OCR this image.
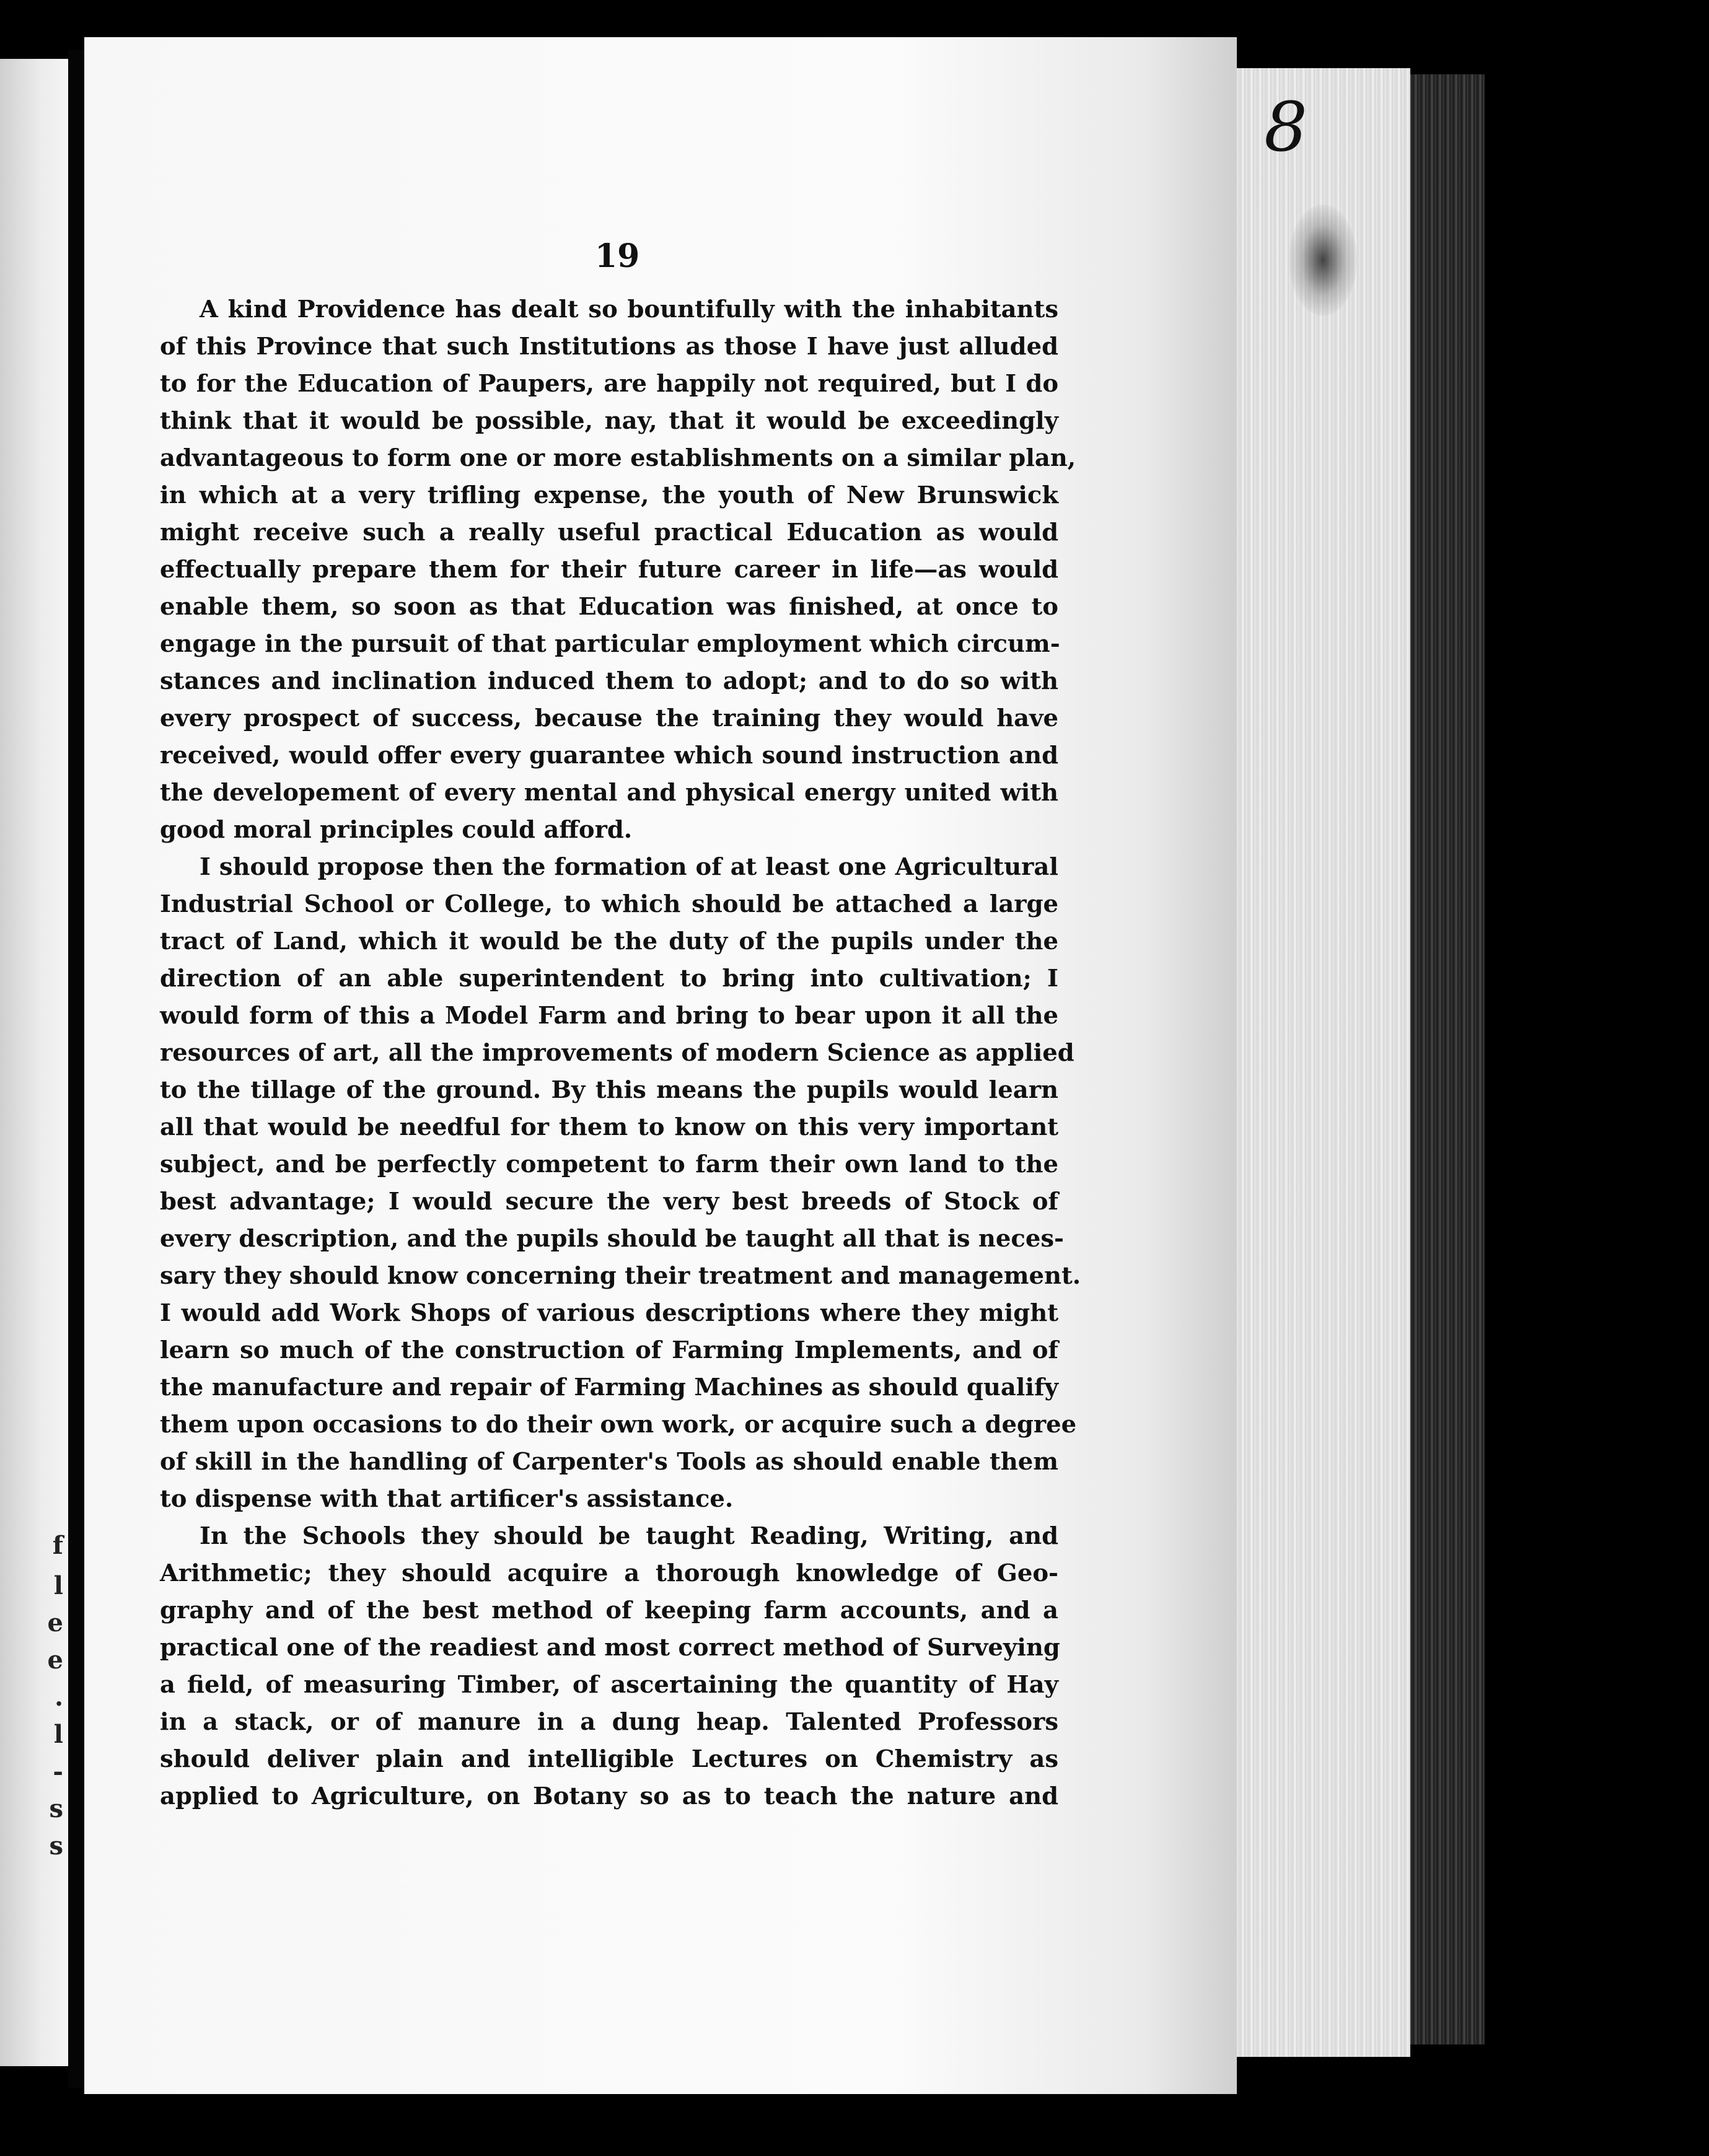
f
l
e
e
.
l
-
s
s
8
19
A kind Providence has dealt so bountifully with the inhabitants
of this Province that such Institutions as those I have just alluded
to for the Education of Paupers, are happily not required, but I do
think that it would be possible, nay, that it would be exceedingly
advantageous to form one or more establishments on a similar plan,
in which at a very trifling expense, the youth of New Brunswick
might receive such a really useful practical Education as would
effectually prepare them for their future career in life—as would
enable them, so soon as that Education was finished, at once to
engage in the pursuit of that particular employment which circum-
stances and inclination induced them to adopt; and to do so with
every prospect of success, because the training they would have
received, would offer every guarantee which sound instruction and
the developement of every mental and physical energy united with
good moral principles could afford.
I should propose then the formation of at least one Agricultural
Industrial School or College, to which should be attached a large
tract of Land, which it would be the duty of the pupils under the
direction of an able superintendent to bring into cultivation; I
would form of this a Model Farm and bring to bear upon it all the
resources of art, all the improvements of modern Science as applied
to the tillage of the ground. By this means the pupils would learn
all that would be needful for them to know on this very important
subject, and be perfectly competent to farm their own land to the
best advantage; I would secure the very best breeds of Stock of
every description, and the pupils should be taught all that is neces-
sary they should know concerning their treatment and management.
I would add Work Shops of various descriptions where they might
learn so much of the construction of Farming Implements, and of
the manufacture and repair of Farming Machines as should qualify
them upon occasions to do their own work, or acquire such a degree
of skill in the handling of Carpenter's Tools as should enable them
to dispense with that artificer's assistance.
In the Schools they should be taught Reading, Writing, and
Arithmetic; they should acquire a thorough knowledge of Geo-
graphy and of the best method of keeping farm accounts, and a
practical one of the readiest and most correct method of Surveying
a field, of measuring Timber, of ascertaining the quantity of Hay
in a stack, or of manure in a dung heap. Talented Professors
should deliver plain and intelligible Lectures on Chemistry as
applied to Agriculture, on Botany so as to teach the nature and
